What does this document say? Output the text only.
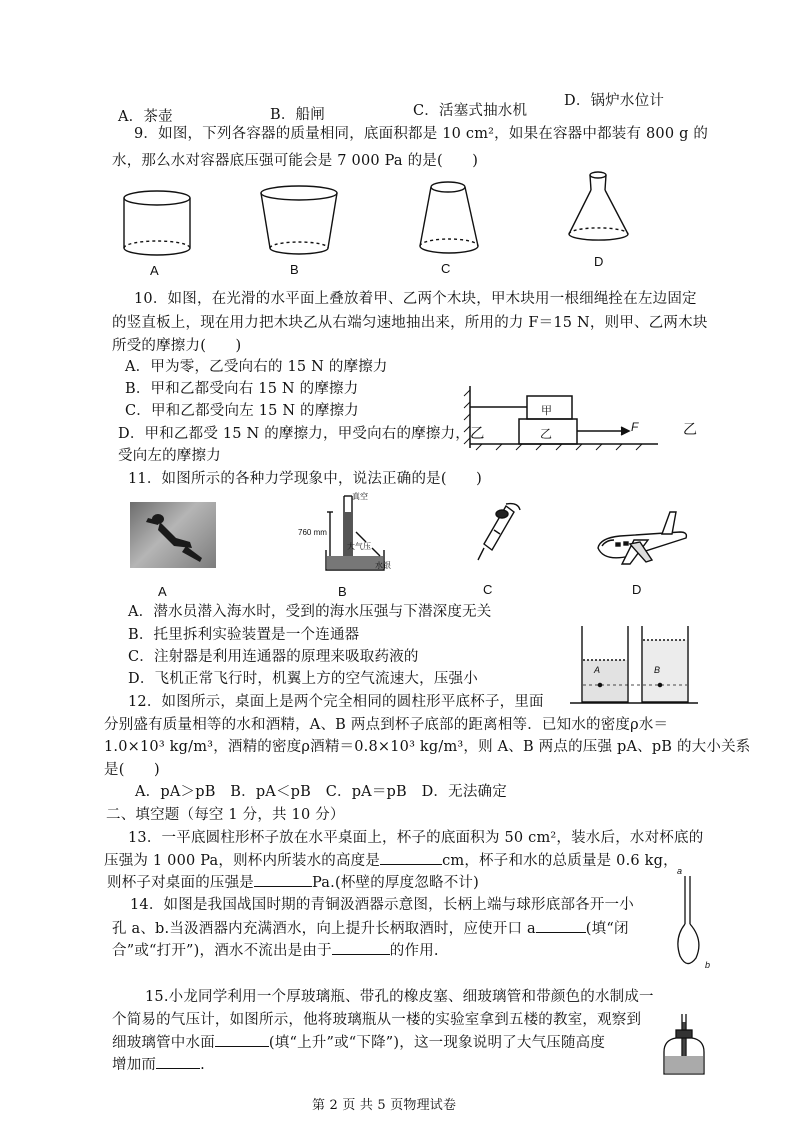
A．茶壶	B．船闸	C．活塞式抽水机
D．锅炉水位计
9．如图，下列各容器的质量相同，底面积都是 10 cm²，如果在容器中都装有 800 g 的
水，那么水对容器底压强可能会是 7 000 Pa 的是(　　)
A	B	C	D
10．如图，在光滑的水平面上叠放着甲、乙两个木块，甲木块用一根细绳拴在左边固定
的竖直板上，现在用力把木块乙从右端匀速地抽出来，所用的力 F＝15 N，则甲、乙两木块
所受的摩擦力(　　)
A．甲为零，乙受向右的 15 N 的摩擦力
B．甲和乙都受向右 15 N 的摩擦力
C．甲和乙都受向左 15 N 的摩擦力
D．甲和乙都受 15 N 的摩擦力，甲受向右的摩擦力，乙
受向左的摩擦力
甲
乙	F	乙
11．如图所示的各种力学现象中，说法正确的是(　　)
A
真空
760 mm
大气压
水银
B	C	D
A．潜水员潜入海水时，受到的海水压强与下潜深度无关
B．托里拆利实验装置是一个连通器
C．注射器是利用连通器的原理来吸取药液的
D．飞机正常飞行时，机翼上方的空气流速大，压强小
A	B
12．如图所示，桌面上是两个完全相同的圆柱形平底杯子，里面
分别盛有质量相等的水和酒精，A、B 两点到杯子底部的距离相等．已知水的密度ρ水＝
1.0×10³ kg/m³，酒精的密度ρ酒精＝0.8×10³ kg/m³，则 A、B 两点的压强 pA、pB 的大小关系
是(　　)
A．pA＞pB　B．pA＜pB　C．pA＝pB　D．无法确定
二、填空题（每空 1 分，共 10 分）
13．一平底圆柱形杯子放在水平桌面上，杯子的底面积为 50 cm²，装水后，水对杯底的
压强为 1 000 Pa，则杯内所装水的高度是	cm，杯子和水的总质量是 0.6 kg，
则杯子对桌面的压强是	Pa.(杯壁的厚度忽略不计)
14．如图是我国战国时期的青铜汲酒器示意图，长柄上端与球形底部各开一小
孔 a、b.当汲酒器内充满酒水，向上提升长柄取酒时，应使开口 a	(填“闭
合”或“打开”)，酒水不流出是由于	的作用.
a
b
15.小龙同学利用一个厚玻璃瓶、带孔的橡皮塞、细玻璃管和带颜色的水制成一
个简易的气压计，如图所示，他将玻璃瓶从一楼的实验室拿到五楼的教室，观察到
细玻璃管中水面	(填“上升”或“下降”)，这一现象说明了大气压随高度
增加而	.
第 2 页 共 5 页物理试卷
